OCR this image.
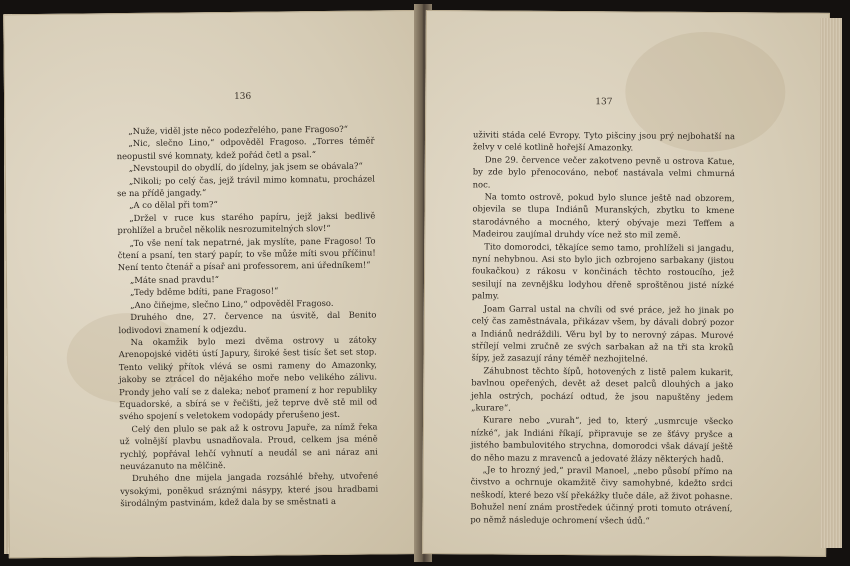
136

„Nuže, viděl jste něco podezřelého, pane Fragoso?“

„Nic, slečno Lino,“ odpověděl Fragoso. „Torres téměř neopustil své komnaty, kdež pořád četl a psal.“

„Nevstoupil do obydlí, do jídelny, jak jsem se obávala?“

„Nikoli; po celý čas, jejž trávil mimo komnatu, procházel se na přídě jangady.“

„A co dělal při tom?“

„Držel v ruce kus starého papíru, jejž jaksi bedlivě prohlížel a bručel několik nesrozumitelných slov!“

„To vše není tak nepatrné, jak myslíte, pane Fragoso! To čtení a psaní, ten starý papír, to vše může míti svou příčinu! Není tento čtenář a písař ani professorem, ani úředníkem!“

„Máte snad pravdu!“

„Tedy bděme bdíti, pane Fragoso!“

„Ano čiňejme, slečno Lino,“ odpověděl Fragoso.

Druhého dne, 27. července na úsvitě, dal Benito lodivodovi znamení k odjezdu.

Na okamžik bylo mezi dvěma ostrovy u zátoky Arenopojské viděti ústí Japury, široké šest tisíc šet set stop. Tento veliký přítok vlévá se osmi rameny do Amazonky, jakoby se ztrácel do nějakého moře nebo velikého zálivu. Prondy jeho valí se z daleka; neboť pramení z hor republiky Equadorské, a sbírá se v řečišti, jež teprve dvě stě mil od svého spojení s veletokem vodopády přerušeno jest.

Celý den plulo se pak až k ostrovu Japuře, za nímž řeka už volnější plavbu usnadňovala. Proud, celkem jsa méně rychlý, popřával lehčí vyhnutí a neudál se ani náraz ani neuvázanuto na mělčině.

Druhého dne mijela jangada rozsáhlé břehy, utvořené vysokými, poněkud sráznými násypy, které jsou hradbami širodálným pastvinám, kdež dala by se směstnati a

137

uživiti stáda celé Evropy. Tyto pišciny jsou prý nejbohatší na želvy v celé kotlině hořejší Amazonky.

Dne 29. července večer zakotveno pevně u ostrova Katue, by zde bylo přenocováno, neboť nastávala velmi chmurná noc.

Na tomto ostrově, pokud bylo slunce ještě nad obzorem, objevila se tlupa Indiánů Muranských, zbytku to kmene starodávného a mocného, který obývaje mezi Teffem a Madeirou zaujímal druhdy více než sto mil země.

Tito domorodci, těkajíce semo tamo, prohlíželi si jangadu, nyní nehybnou. Asi sto bylo jich ozbrojeno sarbakany (jistou foukačkou) z rákosu v končinách těchto rostoucího, jež sesilují na zevnějšku lodyhou dřeně sproštěnou jisté nízké palmy.

Joam Garral ustal na chvíli od své práce, jež ho jinak po celý čas zaměstnávala, přikázav všem, by dávali dobrý pozor a Indiánů nedráždili. Věru byl by to nerovný zápas. Murové střílejí velmi zručně ze svých sarbakan až na tři sta kroků šípy, jež zasazují rány téměř nezhojitelné.

Záhubnost těchto šípů, hotovených z listě palem kukarit, bavlnou opeřených, devět až deset palců dlouhých a jako jehla ostrých, pochází odtud, že jsou napuštěny jedem „kurare“.

Kurare nebo „vurah“, jed to, který „usmrcuje všecko nízké“, jak Indiáni říkají, připravuje se ze šťávy pryšce a jistého bambulovitého strychna, domorodci však dávají ještě do něho mazu z mravenců a jedovaté žlázy některých hadů.

„Je to hrozný jed,“ pravil Manoel, „nebo působí přímo na čivstvo a ochrnuje okamžitě čivy samohybné, kdežto srdci neškodí, které bezo vší překážky tluče dále, až život pohasne. Bohužel není znám prostředek účinný proti tomuto otrávení, po němž následuje ochromení všech údů.“
